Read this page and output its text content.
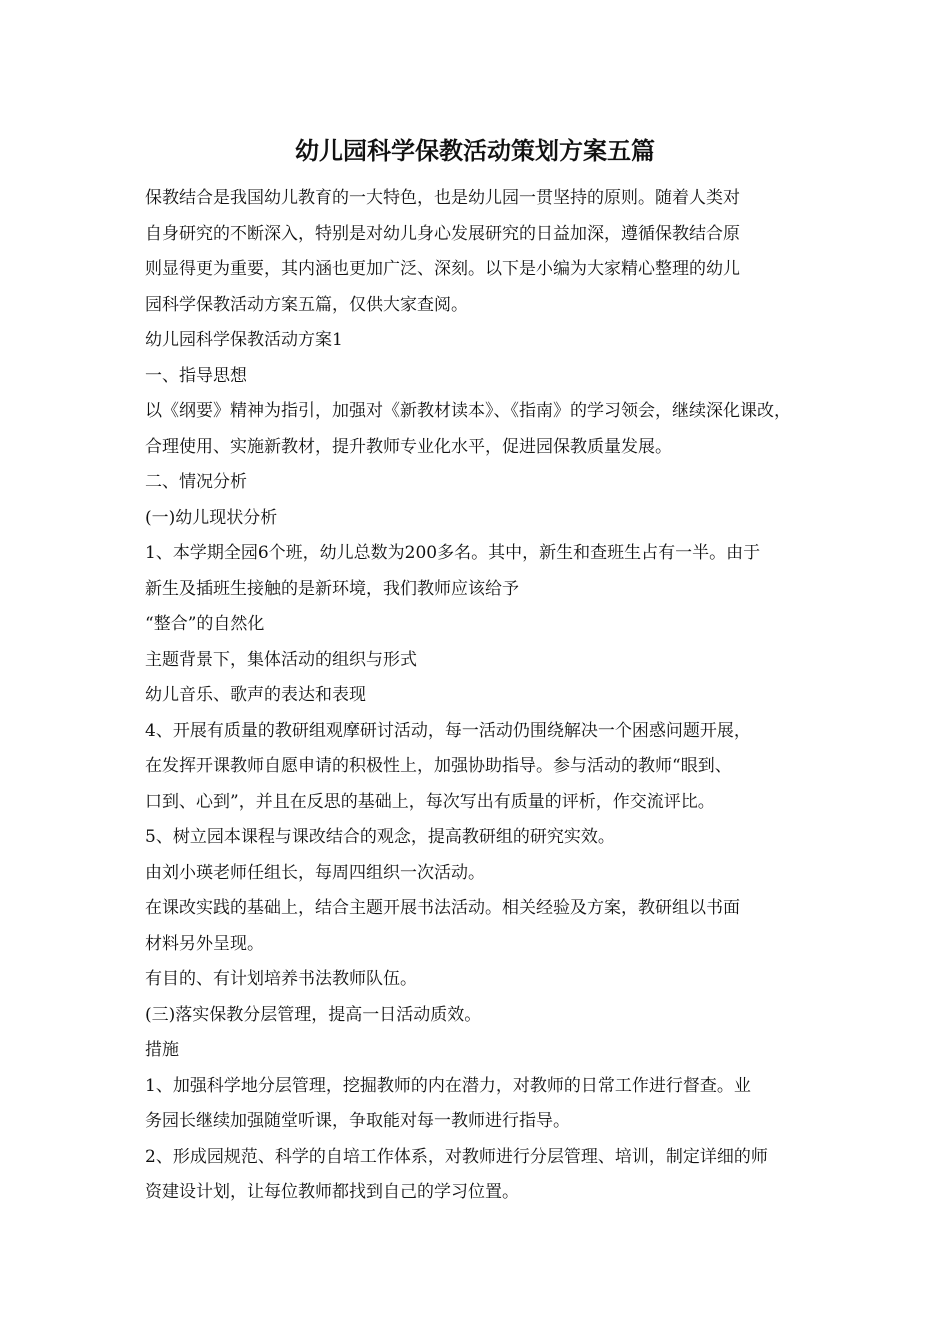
幼儿园科学保教活动策划方案五篇

保教结合是我国幼儿教育的一大特色，也是幼儿园一贯坚持的原则。随着人类对
自身研究的不断深入，特别是对幼儿身心发展研究的日益加深，遵循保教结合原
则显得更为重要，其内涵也更加广泛、深刻。以下是小编为大家精心整理的幼儿
园科学保教活动方案五篇，仅供大家查阅。
幼儿园科学保教活动方案1
一、指导思想
以《纲要》精神为指引，加强对《新教材读本》、《指南》的学习领会，继续深化课改，
合理使用、实施新教材，提升教师专业化水平，促进园保教质量发展。
二、情况分析
(一)幼儿现状分析
1、本学期全园6个班，幼儿总数为200多名。其中，新生和查班生占有一半。由于
新生及插班生接触的是新环境，我们教师应该给予
“整合”的自然化
主题背景下，集体活动的组织与形式
幼儿音乐、歌声的表达和表现
4、开展有质量的教研组观摩研讨活动，每一活动仍围绕解决一个困惑问题开展，
在发挥开课教师自愿申请的积极性上，加强协助指导。参与活动的教师“眼到、
口到、心到”，并且在反思的基础上，每次写出有质量的评析，作交流评比。
5、树立园本课程与课改结合的观念，提高教研组的研究实效。
由刘小瑛老师任组长，每周四组织一次活动。
在课改实践的基础上，结合主题开展书法活动。相关经验及方案，教研组以书面
材料另外呈现。
有目的、有计划培养书法教师队伍。
(三)落实保教分层管理，提高一日活动质效。
措施
1、加强科学地分层管理，挖掘教师的内在潜力，对教师的日常工作进行督查。业
务园长继续加强随堂听课，争取能对每一教师进行指导。
2、形成园规范、科学的自培工作体系，对教师进行分层管理、培训，制定详细的师
资建设计划，让每位教师都找到自己的学习位置。
